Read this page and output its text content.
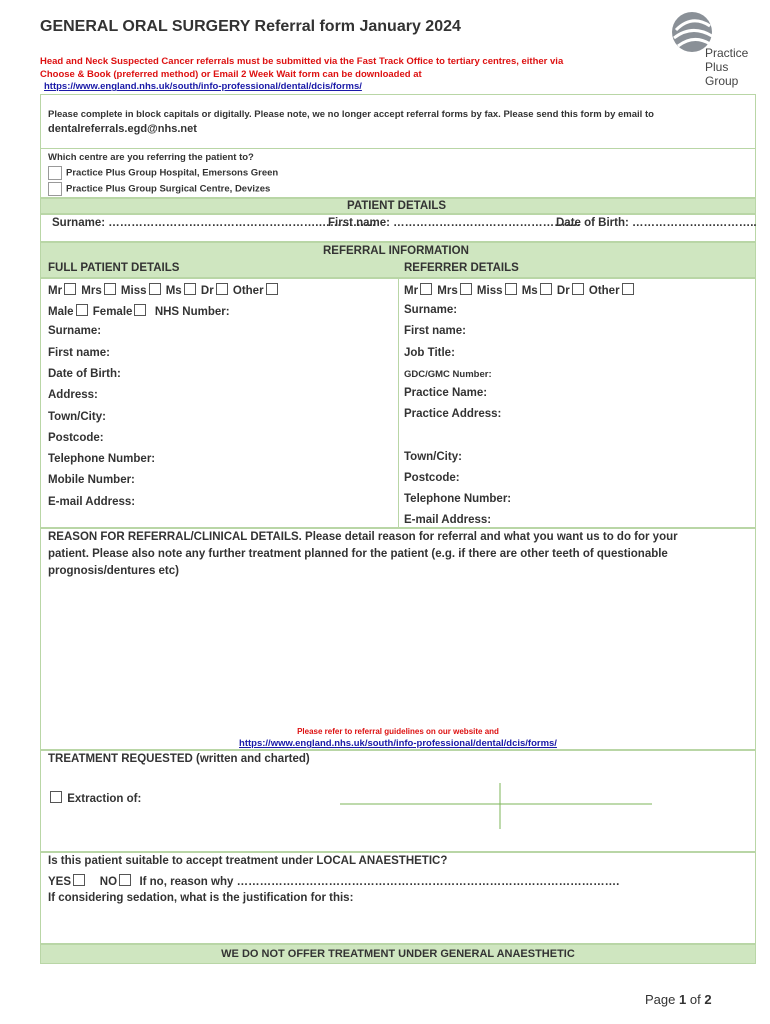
GENERAL ORAL SURGERY Referral form January 2024
Head and Neck Suspected Cancer referrals must be submitted via the Fast Track Office to tertiary centres, either via
Choose & Book (preferred method) or Email 2 Week Wait form can be downloaded at
https://www.england.nhs.uk/south/info-professional/dental/dcis/forms/
Practice
Plus
Group
Please complete in block capitals or digitally. Please note, we no longer accept referral forms by fax. Please send this form by email to
dentalreferrals.egd@nhs.net
Which centre are you referring the patient to?
Practice Plus Group Hospital, Emersons Green
Practice Plus Group Surgical Centre, Devizes
PATIENT DETAILS
Surname: ……………………………………………….……………
First name: ………………………………………….
Date of Birth: ………………….………..
REFERRAL INFORMATION
FULL PATIENT DETAILS	REFERRER DETAILS
Mr Mrs Miss Ms Dr Other
Male Female NHS Number:
Surname:
First name:
Date of Birth:
Address:
Town/City:
Postcode:
Telephone Number:
Mobile Number:
E-mail Address:
Mr Mrs Miss Ms Dr Other
Surname:
First name:
Job Title:
GDC/GMC Number:
Practice Name:
Practice Address:
Town/City:
Postcode:
Telephone Number:
E-mail Address:
REASON FOR REFERRAL/CLINICAL DETAILS. Please detail reason for referral and what you want us to do for your
patient. Please also note any further treatment planned for the patient (e.g. if there are other teeth of questionable
prognosis/dentures etc)
Please refer to referral guidelines on our website and
https://www.england.nhs.uk/south/info-professional/dental/dcis/forms/
TREATMENT REQUESTED (written and charted)
Extraction of:
Is this patient suitable to accept treatment under LOCAL ANAESTHETIC?
YES	NO If no, reason why ……………………………………………………………………………………….
If considering sedation, what is the justification for this:
WE DO NOT OFFER TREATMENT UNDER GENERAL ANAESTHETIC
Page 1 of 2
